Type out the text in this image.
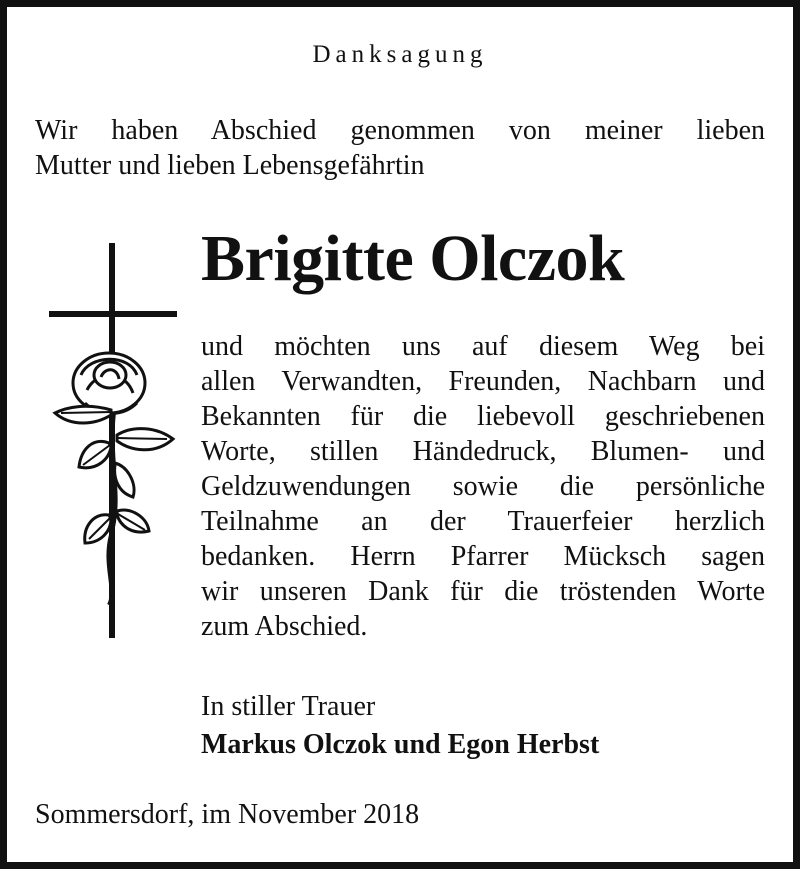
Danksagung
Wir haben Abschied genommen von meiner lieben
Mutter und lieben Lebensgefährtin
Brigitte Olczok
und möchten uns auf diesem Weg bei
allen Verwandten, Freunden, Nachbarn und
Bekannten für die liebevoll geschriebenen
Worte, stillen Händedruck, Blumen- und
Geldzuwendungen sowie die persönliche
Teilnahme an der Trauerfeier herzlich
bedanken. Herrn Pfarrer Mücksch sagen
wir unseren Dank für die tröstenden Worte
zum Abschied.
In stiller Trauer
Markus Olczok und Egon Herbst
Sommersdorf, im November 2018
